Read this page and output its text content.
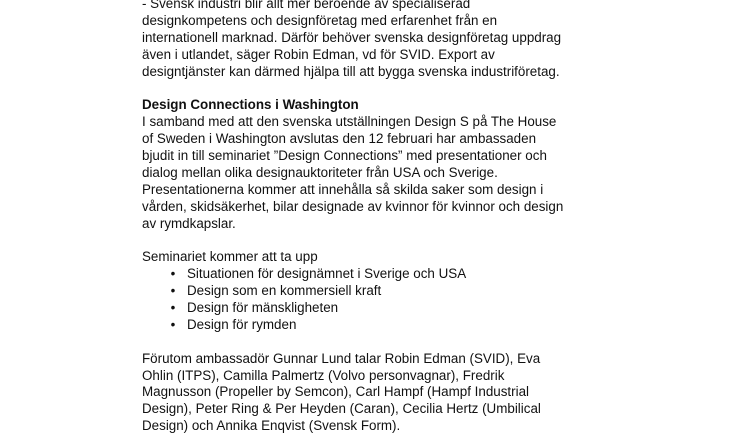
- Svensk industri blir allt mer beroende av specialiserad
designkompetens och designföretag med erfarenhet från en
internationell marknad. Därför behöver svenska designföretag uppdrag
även i utlandet, säger Robin Edman, vd för SVID. Export av
designtjänster kan därmed hjälpa till att bygga svenska industriföretag.
Design Connections i Washington
I samband med att den svenska utställningen Design S på The House
of Sweden i Washington avslutas den 12 februari har ambassaden
bjudit in till seminariet ”Design Connections” med presentationer och
dialog mellan olika designauktoriteter från USA och Sverige.
Presentationerna kommer att innehålla så skilda saker som design i
vården, skidsäkerhet, bilar designade av kvinnor för kvinnor och design
av rymdkapslar.
Seminariet kommer att ta upp
• Situationen för designämnet i Sverige och USA
• Design som en kommersiell kraft
• Design för mänskligheten
• Design för rymden
Förutom ambassadör Gunnar Lund talar Robin Edman (SVID), Eva
Ohlin (ITPS), Camilla Palmertz (Volvo personvagnar), Fredrik
Magnusson (Propeller by Semcon), Carl Hampf (Hampf Industrial
Design), Peter Ring & Per Heyden (Caran), Cecilia Hertz (Umbilical
Design) och Annika Enqvist (Svensk Form).
